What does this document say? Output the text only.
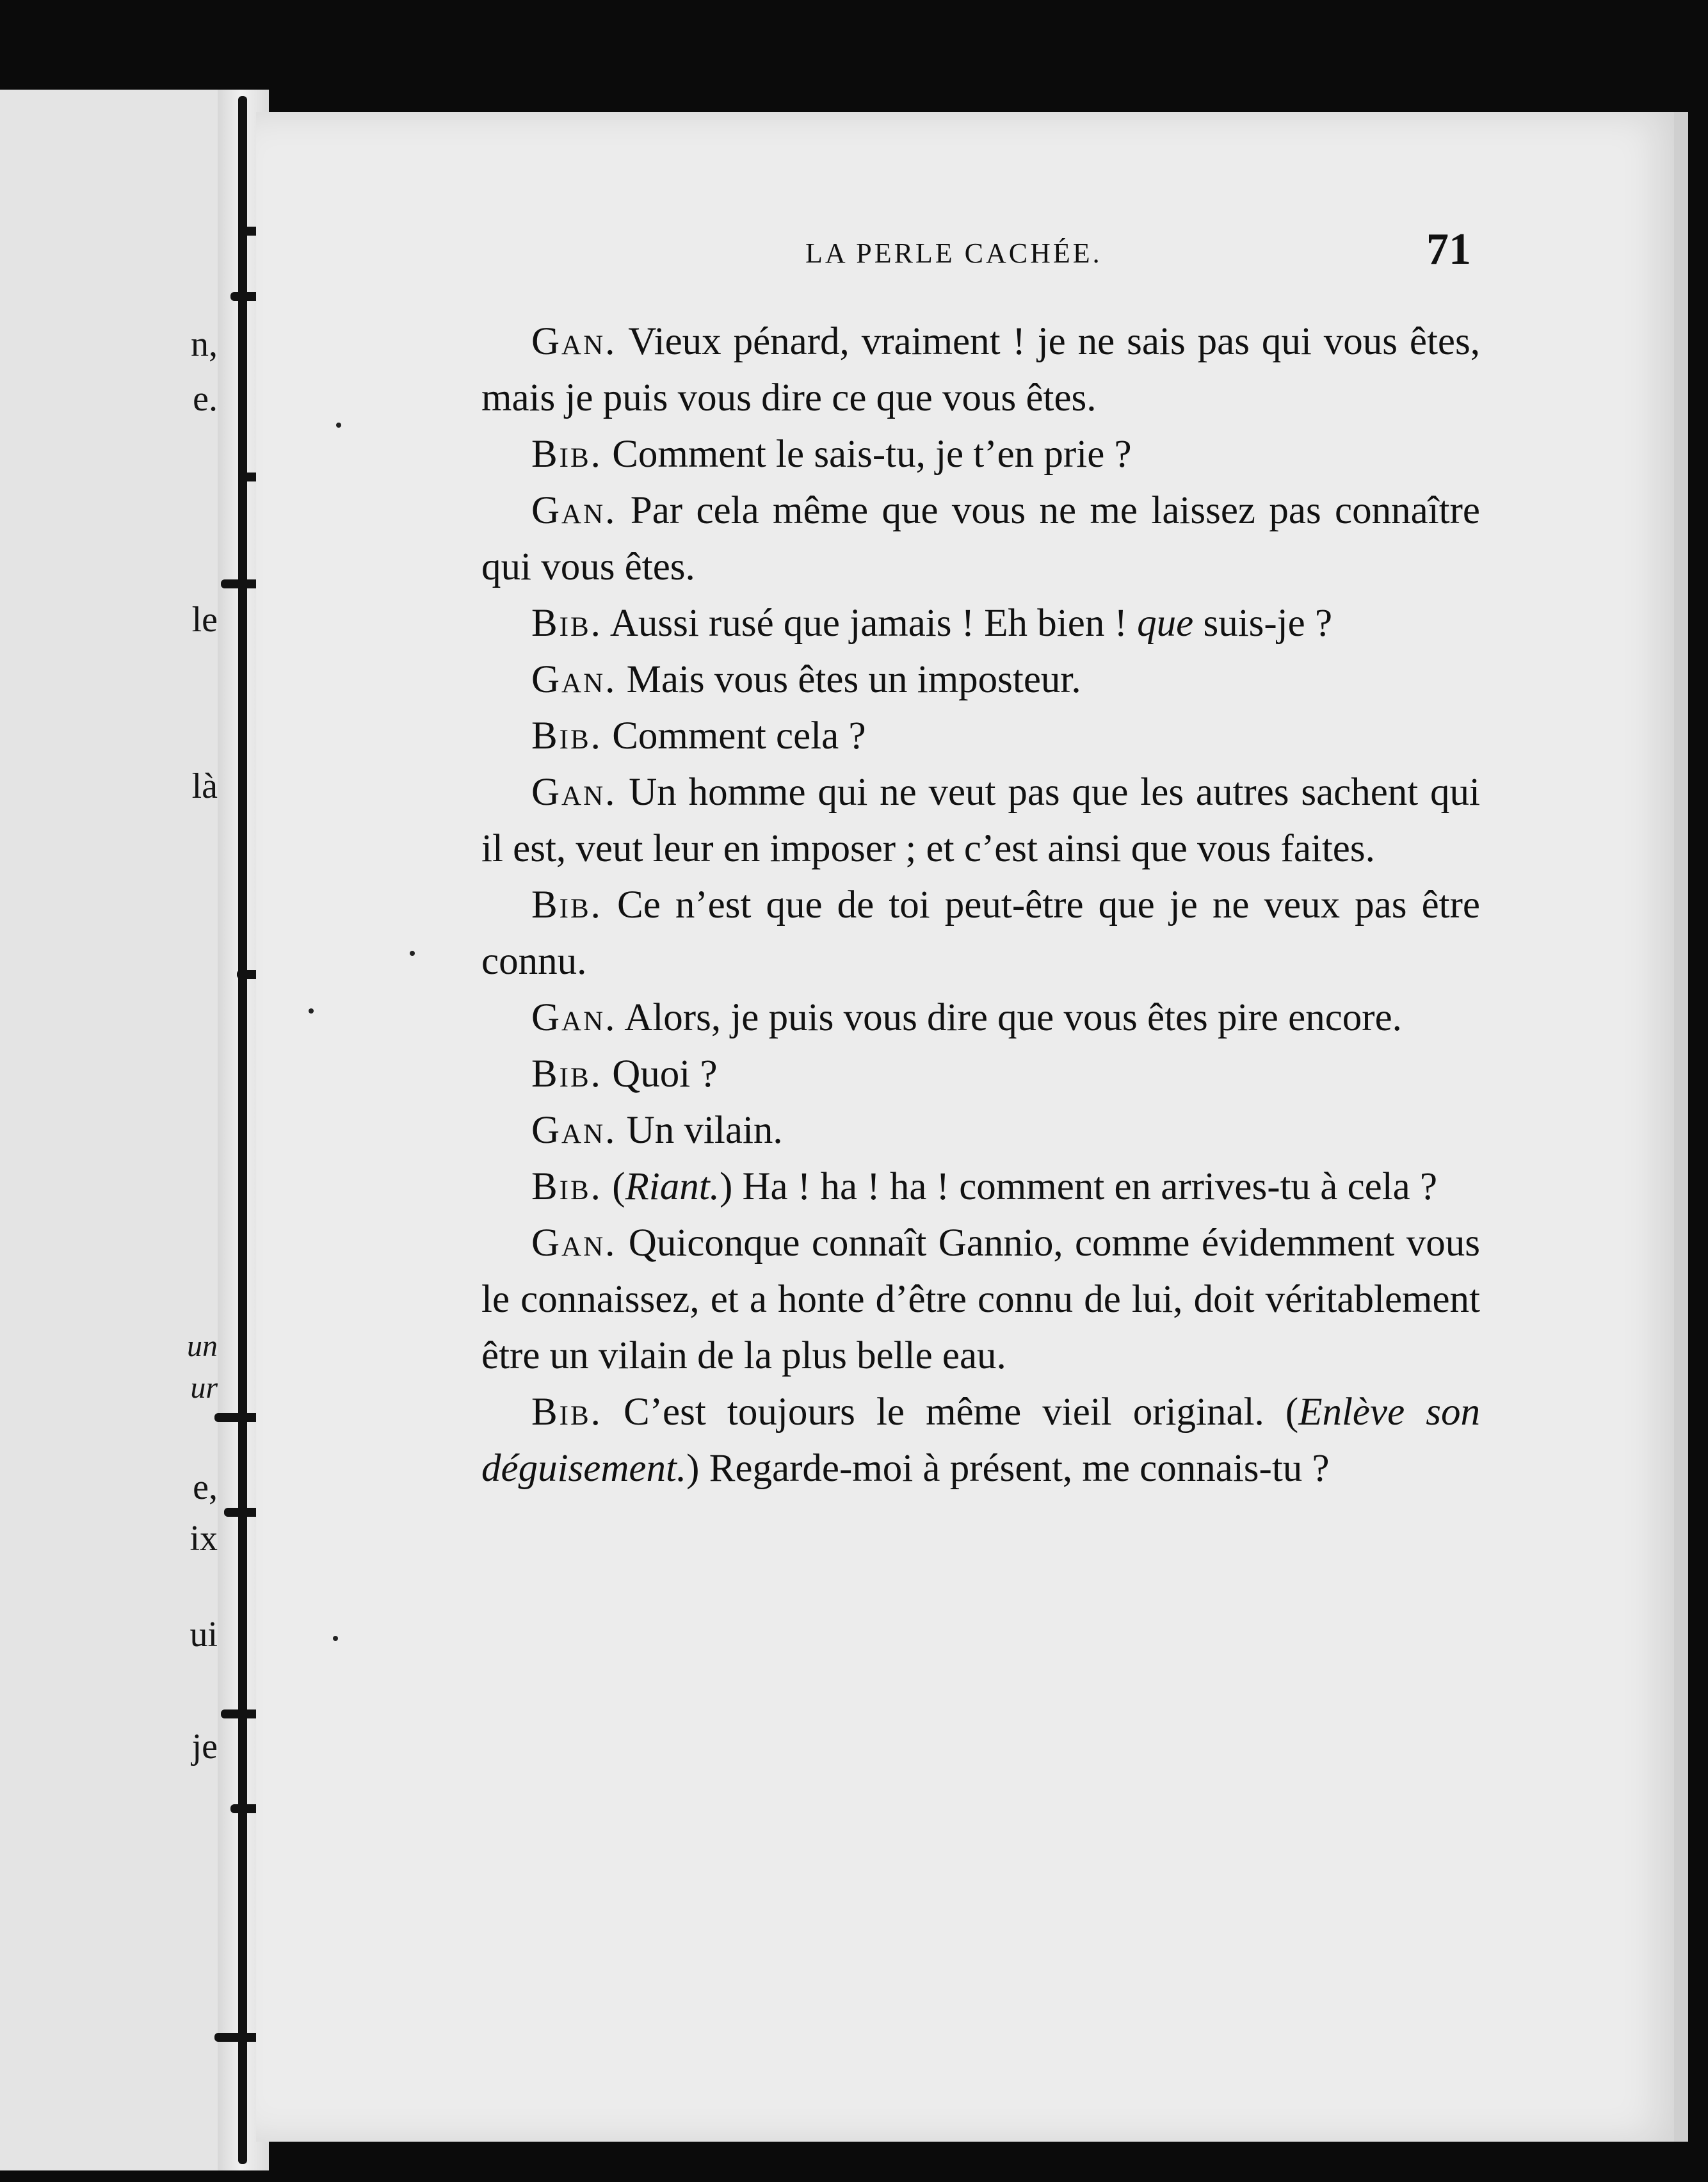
n,
e.
le
là
un
ur
e,
ix
ui
je
LA PERLE CACHÉE.	71

Gan. Vieux pénard, vraiment ! je ne sais pas qui vous êtes, mais je puis vous dire ce que vous êtes.

Bib. Comment le sais-tu, je t’en prie ?

Gan. Par cela même que vous ne me laissez pas connaître qui vous êtes.

Bib. Aussi rusé que jamais ! Eh bien ! que suis-je ?

Gan. Mais vous êtes un imposteur.

Bib. Comment cela ?

Gan. Un homme qui ne veut pas que les autres sachent qui il est, veut leur en imposer ; et c’est ainsi que vous faites.

Bib. Ce n’est que de toi peut-être que je ne veux pas être connu.

Gan. Alors, je puis vous dire que vous êtes pire encore.

Bib. Quoi ?

Gan. Un vilain.

Bib. (Riant.) Ha ! ha ! ha ! comment en arrives-tu à cela ?

Gan. Quiconque connaît Gannio, comme évidemment vous le connaissez, et a honte d’être connu de lui, doit véritablement être un vilain de la plus belle eau.

Bib. C’est toujours le même vieil original. (Enlève son déguisement.) Regarde-moi à présent, me connais-tu ?
